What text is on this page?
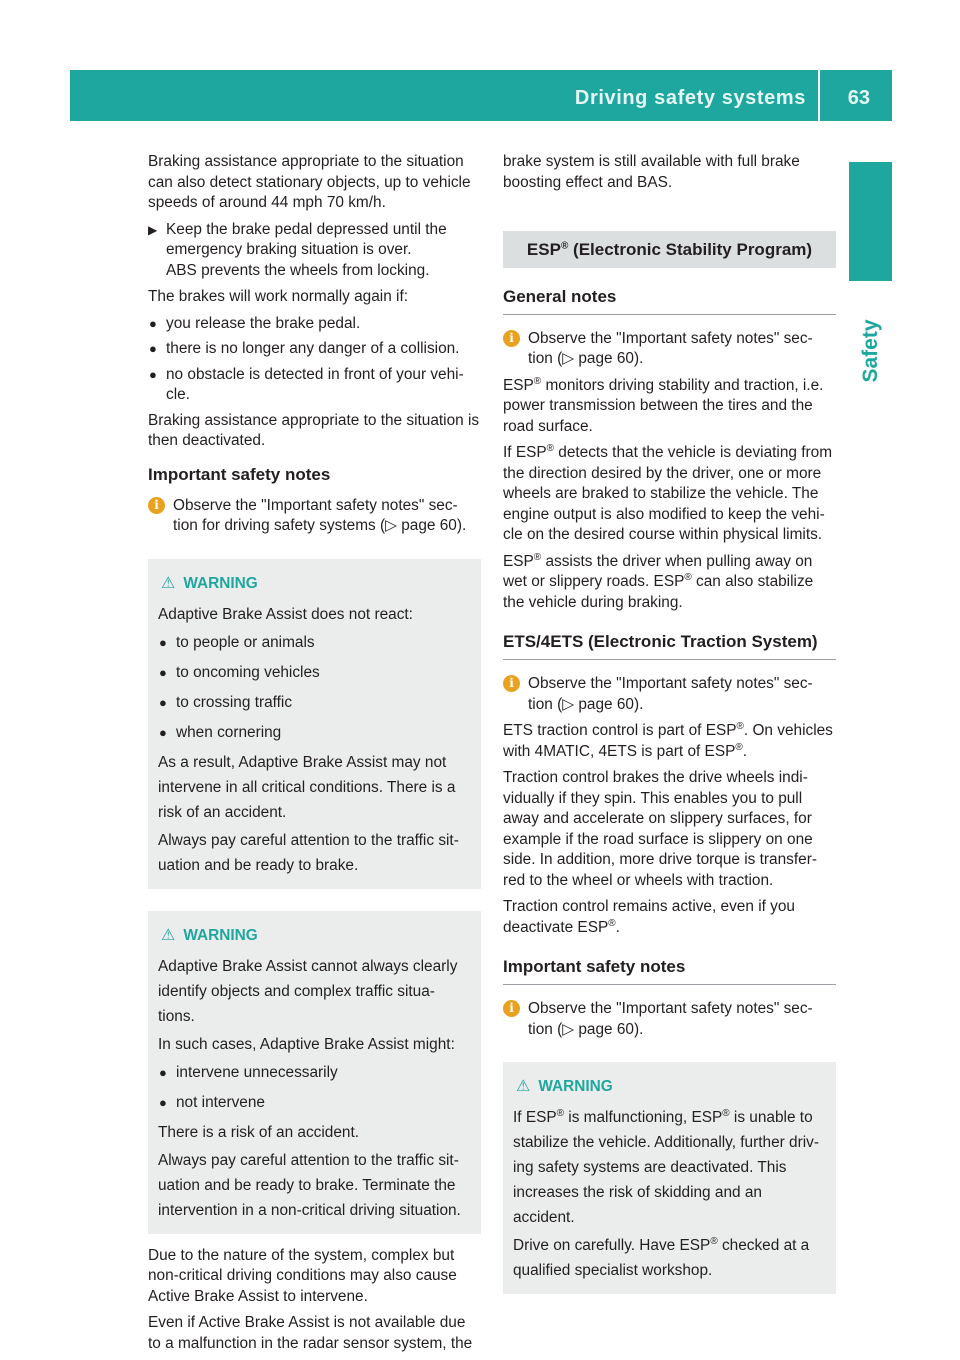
Driving safety systems	63
Safety

Braking assistance appropriate to the situation can also detect stationary objects, up to vehicle speeds of around 44 mph 70 km/h.

▶ Keep the brake pedal depressed until the emergency braking situation is over.
ABS prevents the wheels from locking.

The brakes will work normally again if:

● you release the brake pedal.
● there is no longer any danger of a collision.
● no obstacle is detected in front of your vehi-cle.

Braking assistance appropriate to the situation is then deactivated.

Important safety notes
i Observe the "Important safety notes" sec-tion for driving safety systems (▷ page 60).
⚠ WARNING

Adaptive Brake Assist does not react:

● to people or animals
● to oncoming vehicles
● to crossing traffic
● when cornering

As a result, Adaptive Brake Assist may not intervene in all critical conditions. There is a risk of an accident.

Always pay careful attention to the traffic sit-uation and be ready to brake.

⚠ WARNING

Adaptive Brake Assist cannot always clearly identify objects and complex traffic situa-tions.

In such cases, Adaptive Brake Assist might:

● intervene unnecessarily
● not intervene

There is a risk of an accident.

Always pay careful attention to the traffic sit-uation and be ready to brake. Terminate the intervention in a non-critical driving situation.

Due to the nature of the system, complex but non-critical driving conditions may also cause Active Brake Assist to intervene.

Even if Active Brake Assist is not available due to a malfunction in the radar sensor system, the

brake system is still available with full brake boosting effect and BAS.

ESP® (Electronic Stability Program)
General notes
i Observe the "Important safety notes" sec-tion (▷ page 60).

ESP® monitors driving stability and traction, i.e. power transmission between the tires and the road surface.

If ESP® detects that the vehicle is deviating from the direction desired by the driver, one or more wheels are braked to stabilize the vehicle. The engine output is also modified to keep the vehi-cle on the desired course within physical limits.

ESP® assists the driver when pulling away on wet or slippery roads. ESP® can also stabilize the vehicle during braking.

ETS/4ETS (Electronic Traction System)
i Observe the "Important safety notes" sec-tion (▷ page 60).

ETS traction control is part of ESP®. On vehicles with 4MATIC, 4ETS is part of ESP®.

Traction control brakes the drive wheels indi-vidually if they spin. This enables you to pull away and accelerate on slippery surfaces, for example if the road surface is slippery on one side. In addition, more drive torque is transfer-red to the wheel or wheels with traction.

Traction control remains active, even if you deactivate ESP®.

Important safety notes
i Observe the "Important safety notes" sec-tion (▷ page 60).
⚠ WARNING

If ESP® is malfunctioning, ESP® is unable to stabilize the vehicle. Additionally, further driv-ing safety systems are deactivated. This increases the risk of skidding and an accident.

Drive on carefully. Have ESP® checked at a qualified specialist workshop.
